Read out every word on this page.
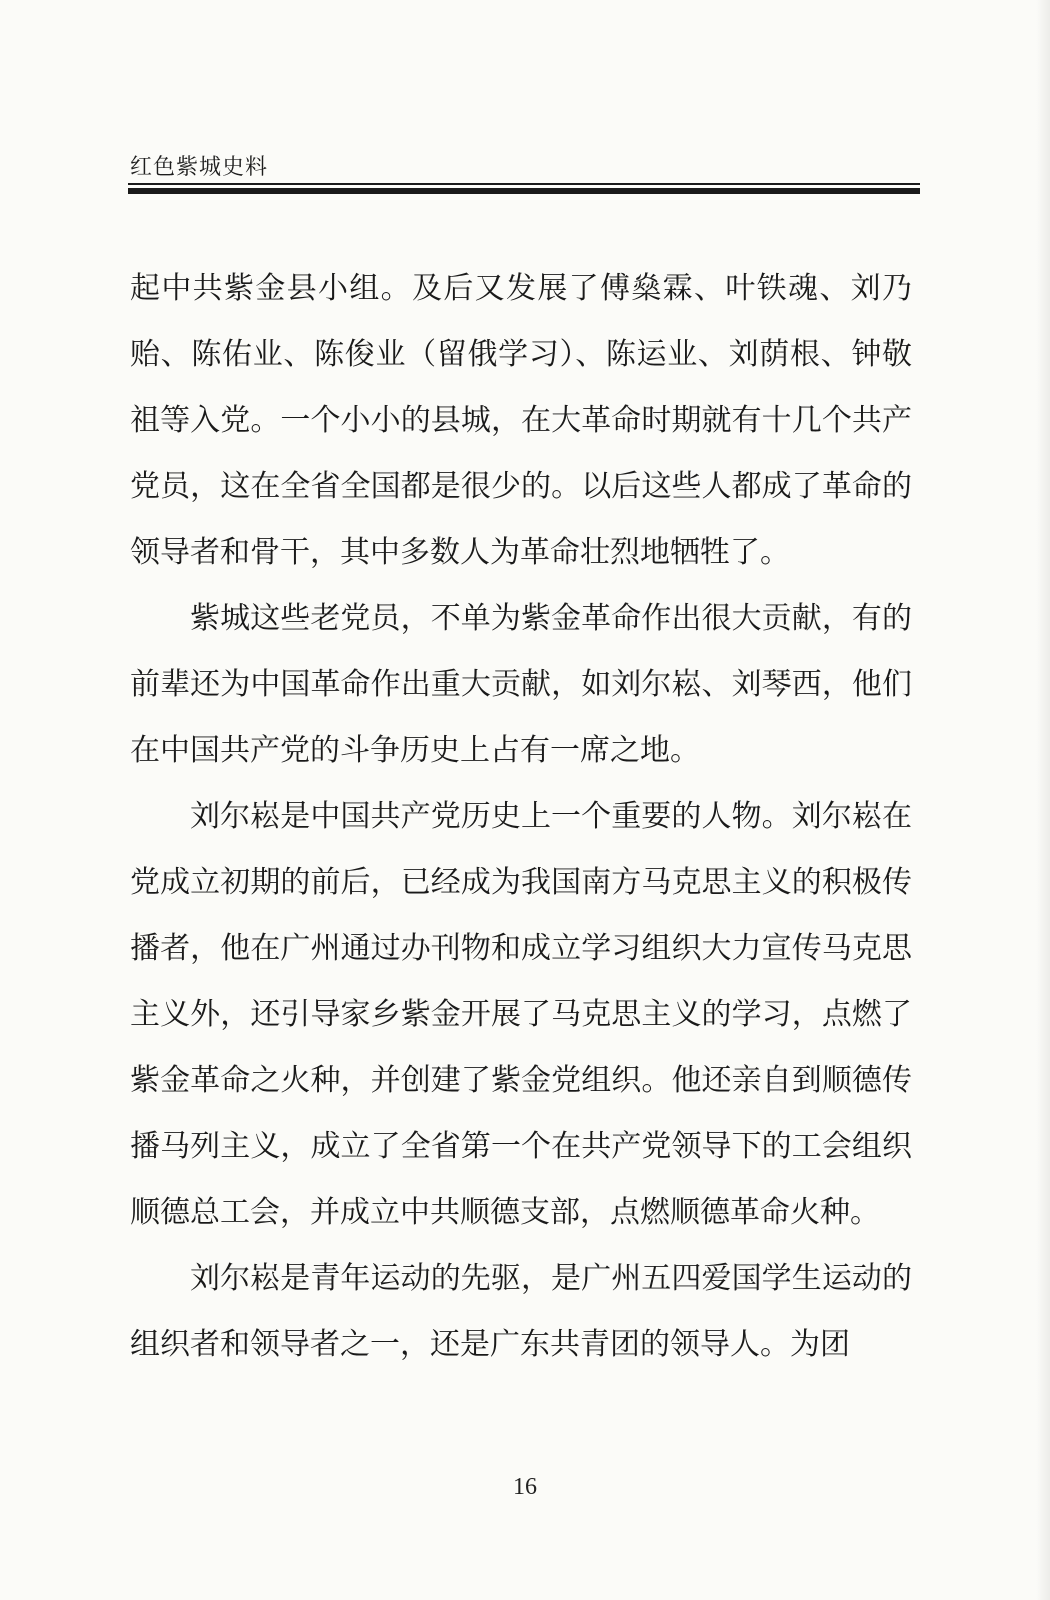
红色紫城史料

起中共紫金县小组。及后又发展了傅燊霖、叶铁魂、刘乃贻、陈佑业、陈俊业（留俄学习）、陈运业、刘荫根、钟敬祖等入党。一个小小的县城，在大革命时期就有十几个共产党员，这在全省全国都是很少的。以后这些人都成了革命的领导者和骨干，其中多数人为革命壮烈地牺牲了。

紫城这些老党员，不单为紫金革命作出很大贡献，有的前辈还为中国革命作出重大贡献，如刘尔崧、刘琴西，他们在中国共产党的斗争历史上占有一席之地。

刘尔崧是中国共产党历史上一个重要的人物。刘尔崧在党成立初期的前后，已经成为我国南方马克思主义的积极传播者，他在广州通过办刊物和成立学习组织大力宣传马克思主义外，还引导家乡紫金开展了马克思主义的学习，点燃了紫金革命之火种，并创建了紫金党组织。他还亲自到顺德传播马列主义，成立了全省第一个在共产党领导下的工会组织顺德总工会，并成立中共顺德支部，点燃顺德革命火种。

刘尔崧是青年运动的先驱，是广州五四爱国学生运动的组织者和领导者之一，还是广东共青团的领导人。为团

16
